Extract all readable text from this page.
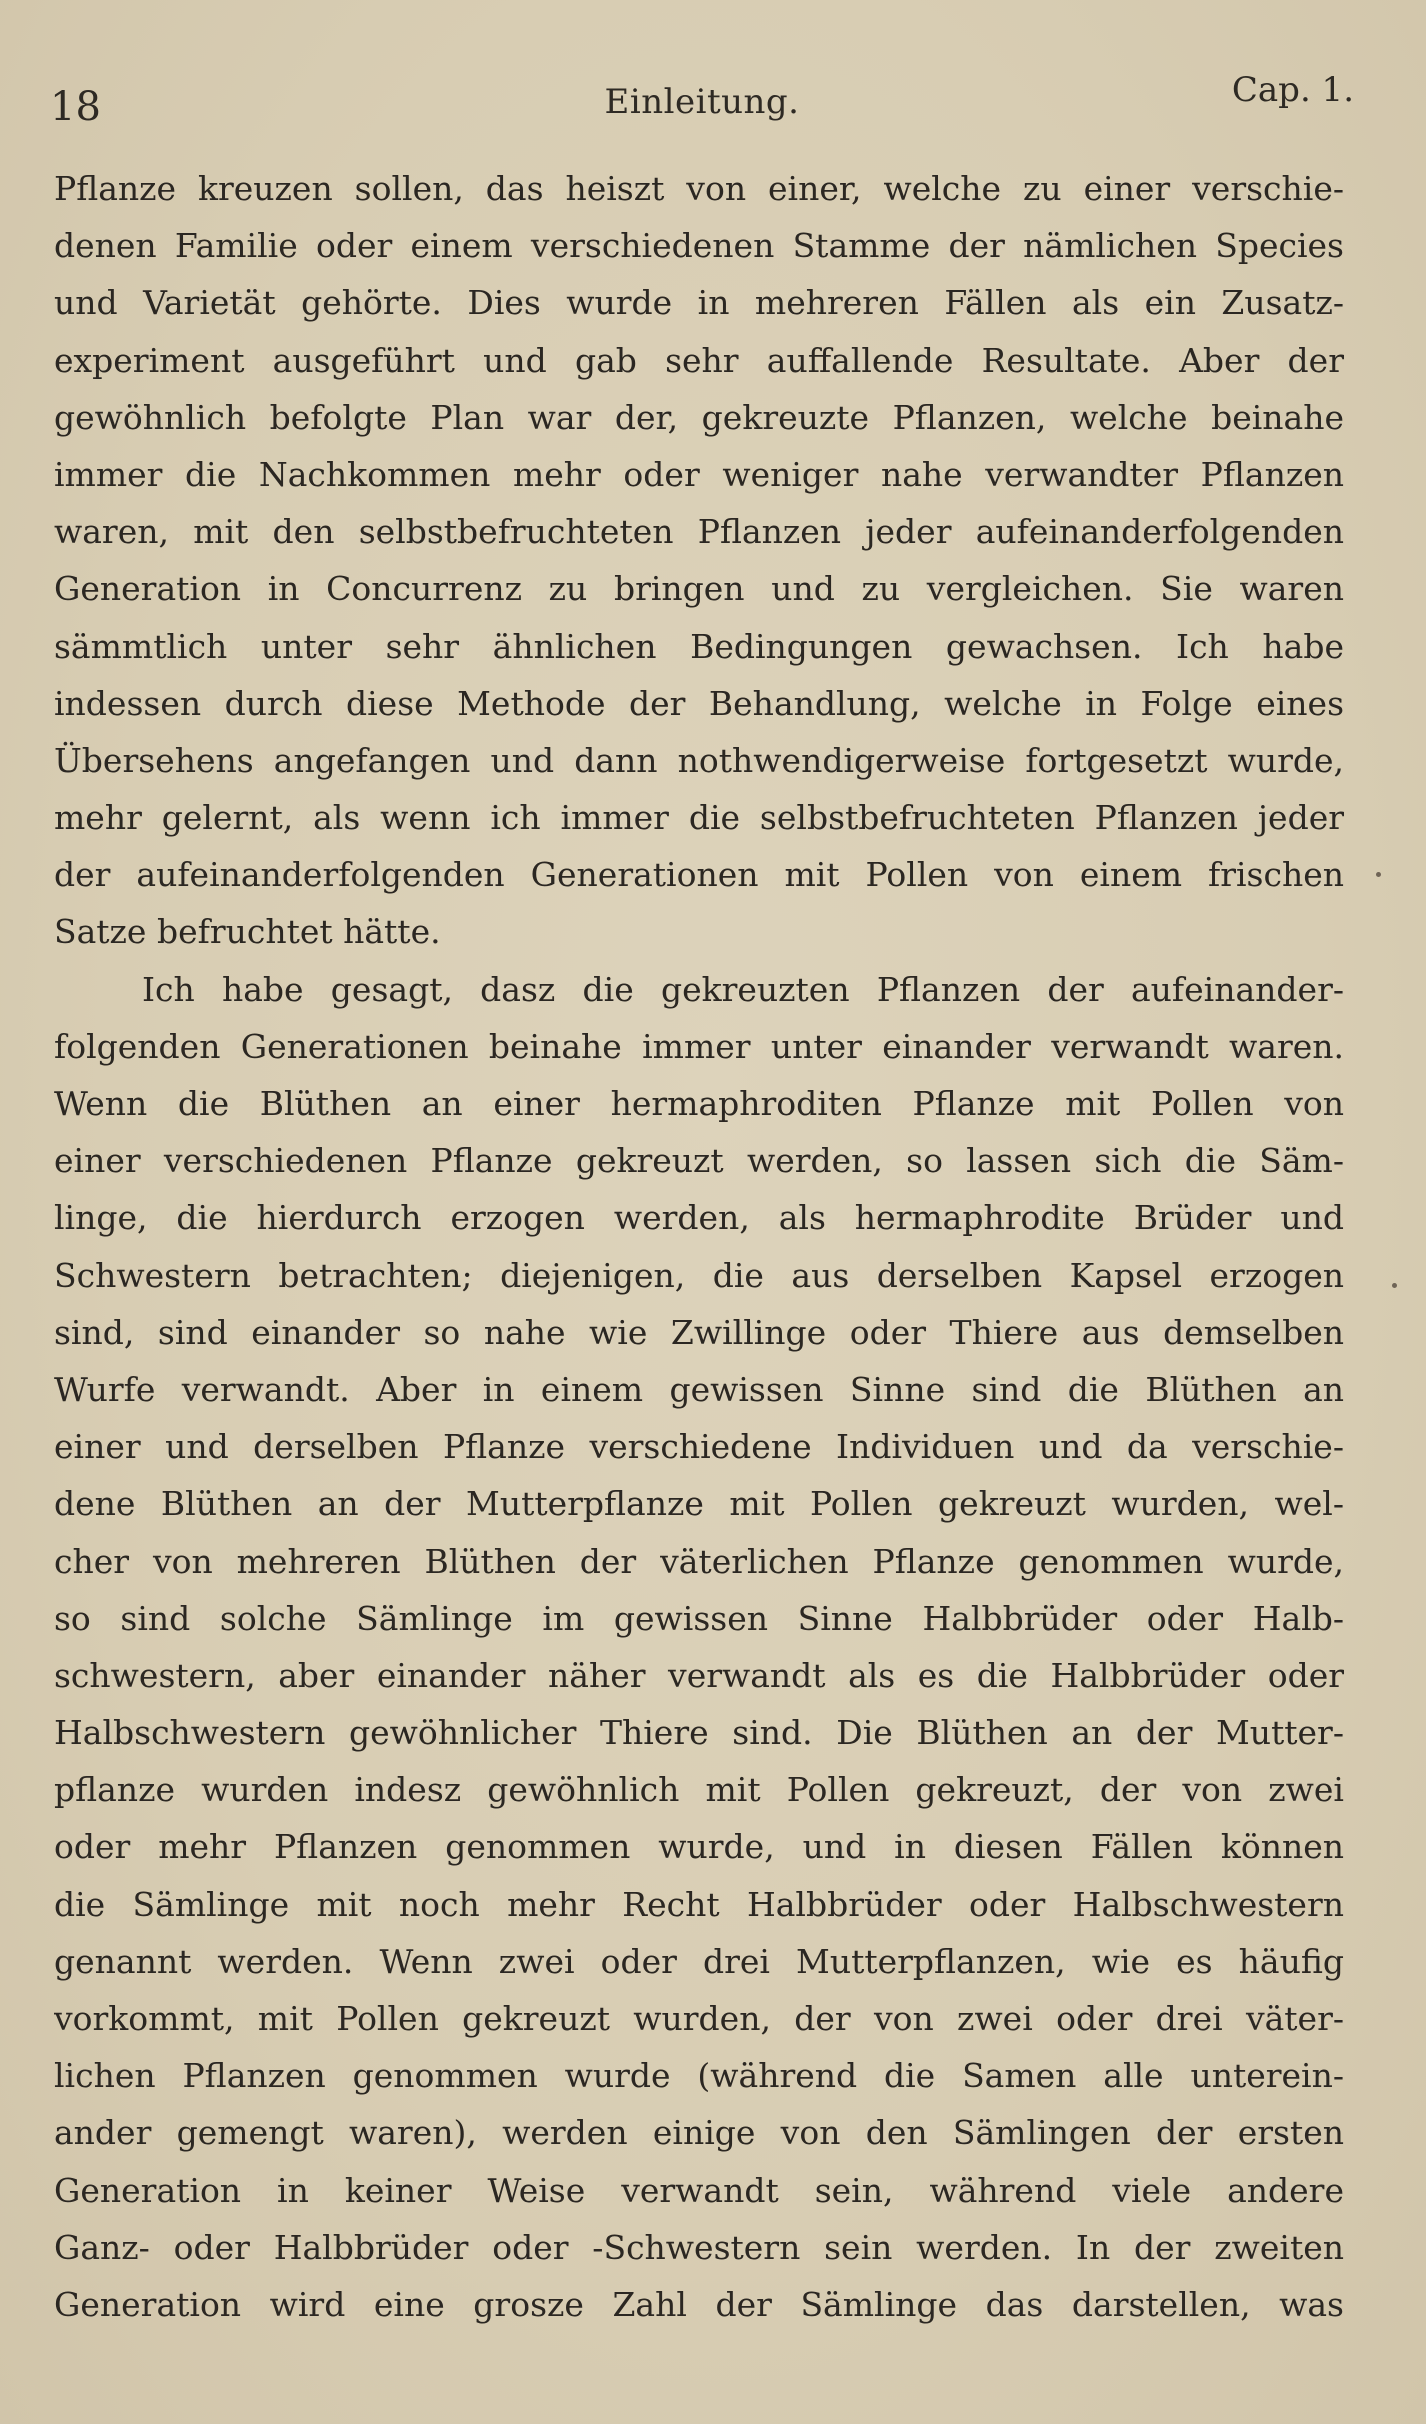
18	Einleitung.	Cap. 1.
Pflanze kreuzen sollen, das heiszt von einer, welche zu einer verschie-
denen Familie oder einem verschiedenen Stamme der nämlichen Species
und Varietät gehörte. Dies wurde in mehreren Fällen als ein Zusatz-
experiment ausgeführt und gab sehr auffallende Resultate. Aber der
gewöhnlich befolgte Plan war der, gekreuzte Pflanzen, welche beinahe
immer die Nachkommen mehr oder weniger nahe verwandter Pflanzen
waren, mit den selbstbefruchteten Pflanzen jeder aufeinanderfolgenden
Generation in Concurrenz zu bringen und zu vergleichen. Sie waren
sämmtlich unter sehr ähnlichen Bedingungen gewachsen. Ich habe
indessen durch diese Methode der Behandlung, welche in Folge eines
Übersehens angefangen und dann nothwendigerweise fortgesetzt wurde,
mehr gelernt, als wenn ich immer die selbstbefruchteten Pflanzen jeder
der aufeinanderfolgenden Generationen mit Pollen von einem frischen
Satze befruchtet hätte.
Ich habe gesagt, dasz die gekreuzten Pflanzen der aufeinander-
folgenden Generationen beinahe immer unter einander verwandt waren.
Wenn die Blüthen an einer hermaphroditen Pflanze mit Pollen von
einer verschiedenen Pflanze gekreuzt werden, so lassen sich die Säm-
linge, die hierdurch erzogen werden, als hermaphrodite Brüder und
Schwestern betrachten; diejenigen, die aus derselben Kapsel erzogen
sind, sind einander so nahe wie Zwillinge oder Thiere aus demselben
Wurfe verwandt. Aber in einem gewissen Sinne sind die Blüthen an
einer und derselben Pflanze verschiedene Individuen und da verschie-
dene Blüthen an der Mutterpflanze mit Pollen gekreuzt wurden, wel-
cher von mehreren Blüthen der väterlichen Pflanze genommen wurde,
so sind solche Sämlinge im gewissen Sinne Halbbrüder oder Halb-
schwestern, aber einander näher verwandt als es die Halbbrüder oder
Halbschwestern gewöhnlicher Thiere sind. Die Blüthen an der Mutter-
pflanze wurden indesz gewöhnlich mit Pollen gekreuzt, der von zwei
oder mehr Pflanzen genommen wurde, und in diesen Fällen können
die Sämlinge mit noch mehr Recht Halbbrüder oder Halbschwestern
genannt werden. Wenn zwei oder drei Mutterpflanzen, wie es häufig
vorkommt, mit Pollen gekreuzt wurden, der von zwei oder drei väter-
lichen Pflanzen genommen wurde (während die Samen alle unterein-
ander gemengt waren), werden einige von den Sämlingen der ersten
Generation in keiner Weise verwandt sein, während viele andere
Ganz- oder Halbbrüder oder -Schwestern sein werden. In der zweiten
Generation wird eine grosze Zahl der Sämlinge das darstellen, was
